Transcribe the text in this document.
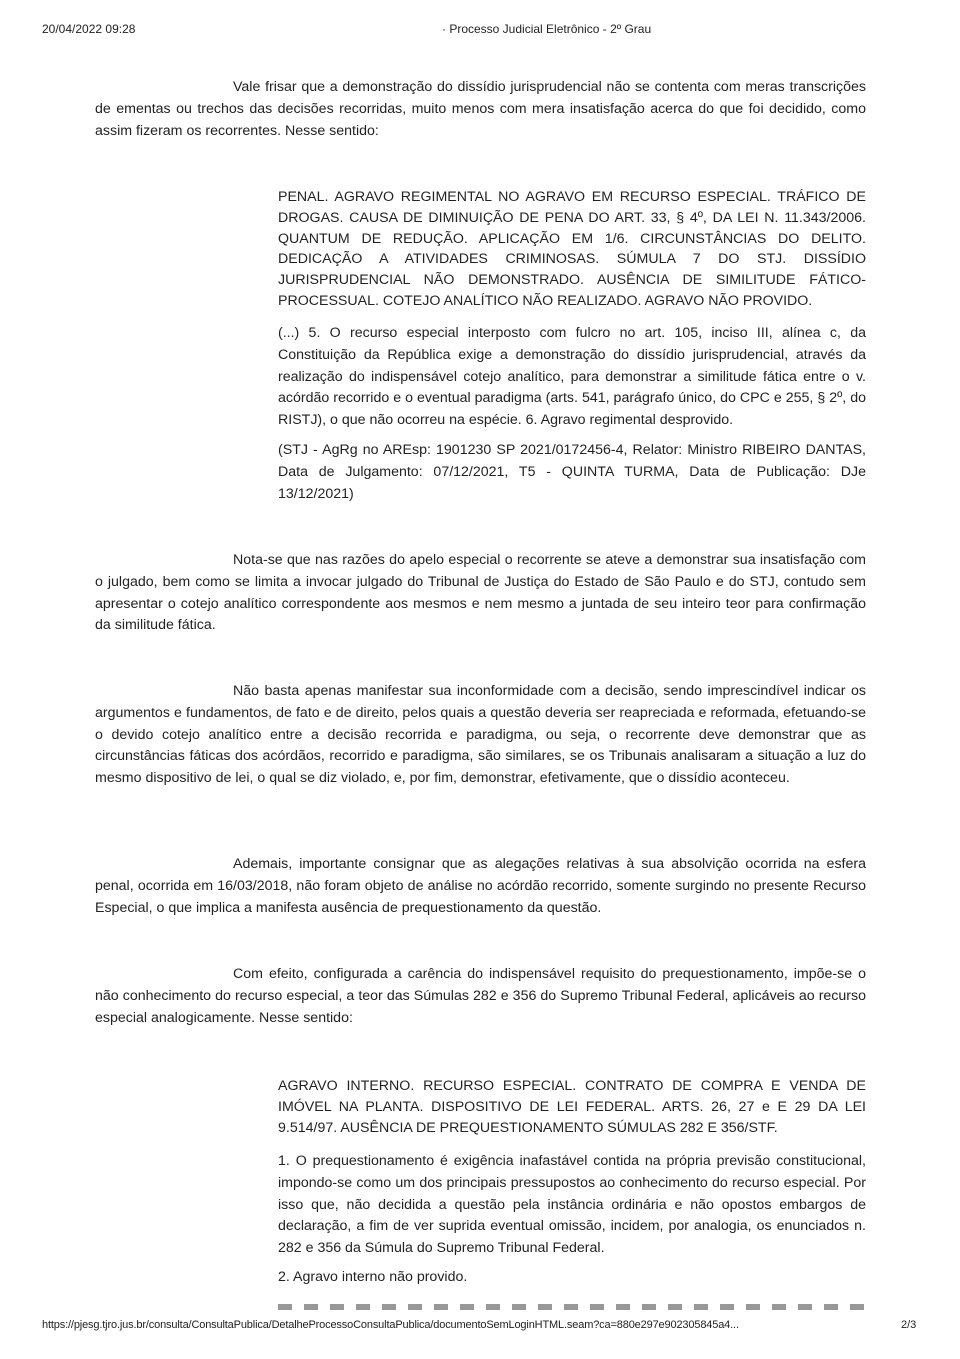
20/04/2022 09:28	· Processo Judicial Eletrônico - 2º Grau

Vale frisar que a demonstração do dissídio jurisprudencial não se contenta com meras transcrições de ementas ou trechos das decisões recorridas, muito menos com mera insatisfação acerca do que foi decidido, como assim fizeram os recorrentes. Nesse sentido:

PENAL. AGRAVO REGIMENTAL NO AGRAVO EM RECURSO ESPECIAL. TRÁFICO DE DROGAS. CAUSA DE DIMINUIÇÃO DE PENA DO ART. 33, § 4º, DA LEI N. 11.343/2006. QUANTUM DE REDUÇÃO. APLICAÇÃO EM 1/6. CIRCUNSTÂNCIAS DO DELITO. DEDICAÇÃO A ATIVIDADES CRIMINOSAS. SÚMULA 7 DO STJ. DISSÍDIO JURISPRUDENCIAL NÃO DEMONSTRADO. AUSÊNCIA DE SIMILITUDE FÁTICO-PROCESSUAL. COTEJO ANALÍTICO NÃO REALIZADO. AGRAVO NÃO PROVIDO.

(...) 5. O recurso especial interposto com fulcro no art. 105, inciso III, alínea c, da Constituição da República exige a demonstração do dissídio jurisprudencial, através da realização do indispensável cotejo analítico, para demonstrar a similitude fática entre o v. acórdão recorrido e o eventual paradigma (arts. 541, parágrafo único, do CPC e 255, § 2º, do RISTJ), o que não ocorreu na espécie. 6. Agravo regimental desprovido.

(STJ - AgRg no AREsp: 1901230 SP 2021/0172456-4, Relator: Ministro RIBEIRO DANTAS, Data de Julgamento: 07/12/2021, T5 - QUINTA TURMA, Data de Publicação: DJe 13/12/2021)

Nota-se que nas razões do apelo especial o recorrente se ateve a demonstrar sua insatisfação com o julgado, bem como se limita a invocar julgado do Tribunal de Justiça do Estado de São Paulo e do STJ, contudo sem apresentar o cotejo analítico correspondente aos mesmos e nem mesmo a juntada de seu inteiro teor para confirmação da similitude fática.

Não basta apenas manifestar sua inconformidade com a decisão, sendo imprescindível indicar os argumentos e fundamentos, de fato e de direito, pelos quais a questão deveria ser reapreciada e reformada, efetuando-se o devido cotejo analítico entre a decisão recorrida e paradigma, ou seja, o recorrente deve demonstrar que as circunstâncias fáticas dos acórdãos, recorrido e paradigma, são similares, se os Tribunais analisaram a situação a luz do mesmo dispositivo de lei, o qual se diz violado, e, por fim, demonstrar, efetivamente, que o dissídio aconteceu.

Ademais, importante consignar que as alegações relativas à sua absolvição ocorrida na esfera penal, ocorrida em 16/03/2018, não foram objeto de análise no acórdão recorrido, somente surgindo no presente Recurso Especial, o que implica a manifesta ausência de prequestionamento da questão.

Com efeito, configurada a carência do indispensável requisito do prequestionamento, impõe-se o não conhecimento do recurso especial, a teor das Súmulas 282 e 356 do Supremo Tribunal Federal, aplicáveis ao recurso especial analogicamente. Nesse sentido:

AGRAVO INTERNO. RECURSO ESPECIAL. CONTRATO DE COMPRA E VENDA DE IMÓVEL NA PLANTA. DISPOSITIVO DE LEI FEDERAL. ARTS. 26, 27 e E 29 DA LEI 9.514/97. AUSÊNCIA DE PREQUESTIONAMENTO SÚMULAS 282 E 356/STF.

1. O prequestionamento é exigência inafastável contida na própria previsão constitucional, impondo-se como um dos principais pressupostos ao conhecimento do recurso especial. Por isso que, não decidida a questão pela instância ordinária e não opostos embargos de declaração, a fim de ver suprida eventual omissão, incidem, por analogia, os enunciados n. 282 e 356 da Súmula do Supremo Tribunal Federal.

2. Agravo interno não provido.

https://pjesg.tjro.jus.br/consulta/ConsultaPublica/DetalheProcessoConsultaPublica/documentoSemLoginHTML.seam?ca=880e297e902305845a4...	2/3
